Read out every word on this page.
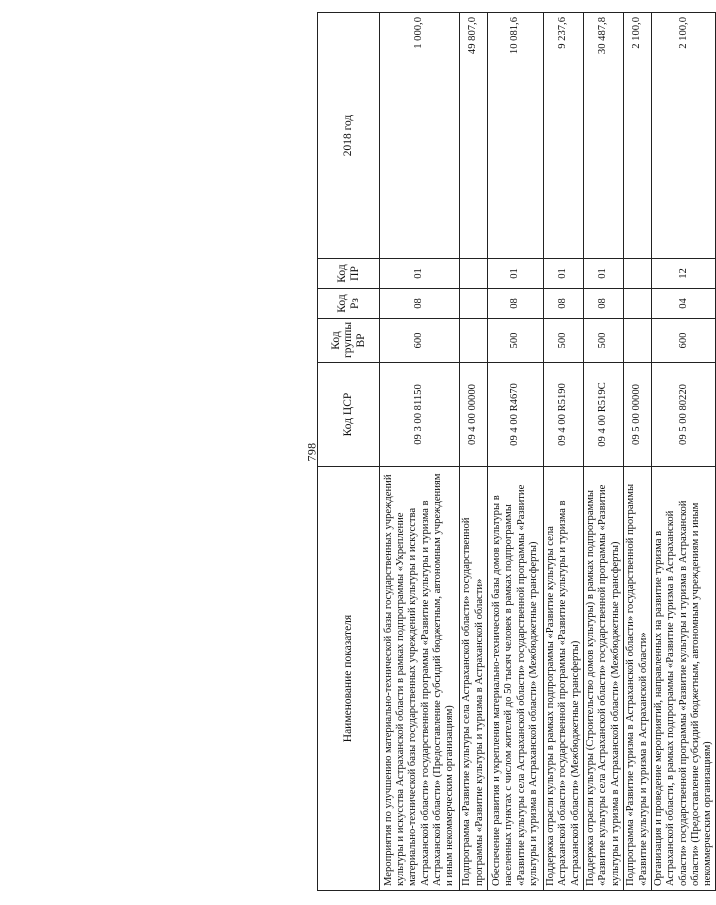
798
Наименование показателя	Код ЦСР	Код группы ВР	Код Рз	Код ПР	2018 год
Мероприятия по улучшению материально-технической базы государственных учреждений культуры и искусства Астраханской области в рамках подпрограммы «Укрепление материально-технической базы государственных учреждений культуры и искусства Астраханской области» государственной программы «Развитие культуры и туризма в Астраханской области» (Предоставление субсидий бюджетным, автономным учреждениям и иным некоммерческим организациям)	09 3 00 81150	600	08	01	1 000,0
Подпрограмма «Развитие культуры села Астраханской области» государственной программы «Развитие культуры и туризма в Астраханской области»	09 4 00 00000				49 807,0
Обеспечение развития и укрепления материально-технической базы домов культуры в населенных пунктах с числом жителей до 50 тысяч человек в рамках подпрограммы «Развитие культуры села Астраханской области» государственной программы «Развитие культуры и туризма в Астраханской области» (Межбюджетные трансферты)	09 4 00 R4670	500	08	01	10 081,6
Поддержка отрасли культуры в рамках подпрограммы «Развитие культуры села Астраханской области» государственной программы «Развитие культуры и туризма в Астраханской области» (Межбюджетные трансферты)	09 4 00 R5190	500	08	01	9 237,6
Поддержка отрасли культуры (Строительство домов культуры) в рамках подпрограммы «Развитие культуры села Астраханской области» государственной программы «Развитие культуры и туризма в Астраханской области» (Межбюджетные трансферты)	09 4 00 R519C	500	08	01	30 487,8
Подпрограмма «Развитие туризма в Астраханской области» государственной программы «Развитие культуры и туризма в Астраханской области»	09 5 00 00000				2 100,0
Организация и проведение мероприятий, направленных на развитие туризма в Астраханской области, в рамках подпрограммы «Развитие туризма в Астраханской области» государственной программы «Развитие культуры и туризма в Астраханской области» (Предоставление субсидий бюджетным, автономным учреждениям и иным некоммерческим организациям)	09 5 00 80220	600	04	12	2 100,0
